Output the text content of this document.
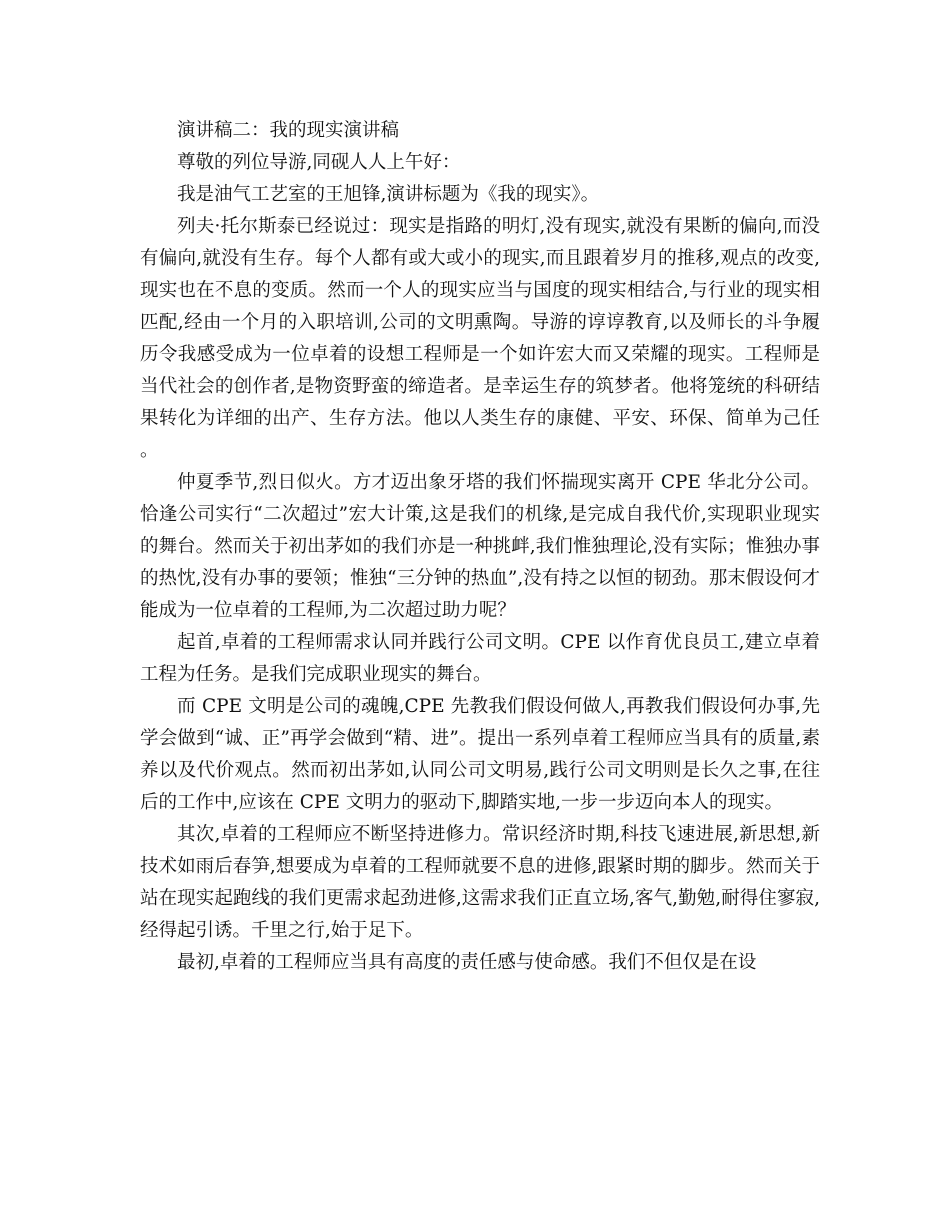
演讲稿二：我的现实演讲稿

尊敬的列位导游,同砚人人上午好：

我是油气工艺室的王旭锋,演讲标题为《我的现实》。

列夫·托尔斯泰已经说过：现实是指路的明灯,没有现实,就没有果断的偏向,而没有偏向,就没有生存。每个人都有或大或小的现实,而且跟着岁月的推移,观点的改变,现实也在不息的变质。然而一个人的现实应当与国度的现实相结合,与行业的现实相匹配,经由一个月的入职培训,公司的文明熏陶。导游的谆谆教育,以及师长的斗争履历令我感受成为一位卓着的设想工程师是一个如许宏大而又荣耀的现实。工程师是当代社会的创作者,是物资野蛮的缔造者。是幸运生存的筑梦者。他将笼统的科研结果转化为详细的出产、生存方法。他以人类生存的康健、平安、环保、简单为己任。

仲夏季节,烈日似火。方才迈出象牙塔的我们怀揣现实离开 CPE 华北分公司。恰逢公司实行“二次超过”宏大计策,这是我们的机缘,是完成自我代价,实现职业现实的舞台。然而关于初出茅如的我们亦是一种挑衅,我们惟独理论,没有实际；惟独办事的热忱,没有办事的要领；惟独“三分钟的热血”,没有持之以恒的韧劲。那末假设何才能成为一位卓着的工程师,为二次超过助力呢？

起首,卓着的工程师需求认同并践行公司文明。CPE 以作育优良员工,建立卓着工程为任务。是我们完成职业现实的舞台。

而 CPE 文明是公司的魂魄,CPE 先教我们假设何做人,再教我们假设何办事,先学会做到“诚、正”再学会做到“精、进”。提出一系列卓着工程师应当具有的质量,素养以及代价观点。然而初出茅如,认同公司文明易,践行公司文明则是长久之事,在往后的工作中,应该在 CPE 文明力的驱动下,脚踏实地,一步一步迈向本人的现实。

其次,卓着的工程师应不断坚持进修力。常识经济时期,科技飞速进展,新思想,新技术如雨后春笋,想要成为卓着的工程师就要不息的进修,跟紧时期的脚步。然而关于站在现实起跑线的我们更需求起劲进修,这需求我们正直立场,客气,勤勉,耐得住寥寂,经得起引诱。千里之行,始于足下。

最初,卓着的工程师应当具有高度的责任感与使命感。我们不但仅是在设
